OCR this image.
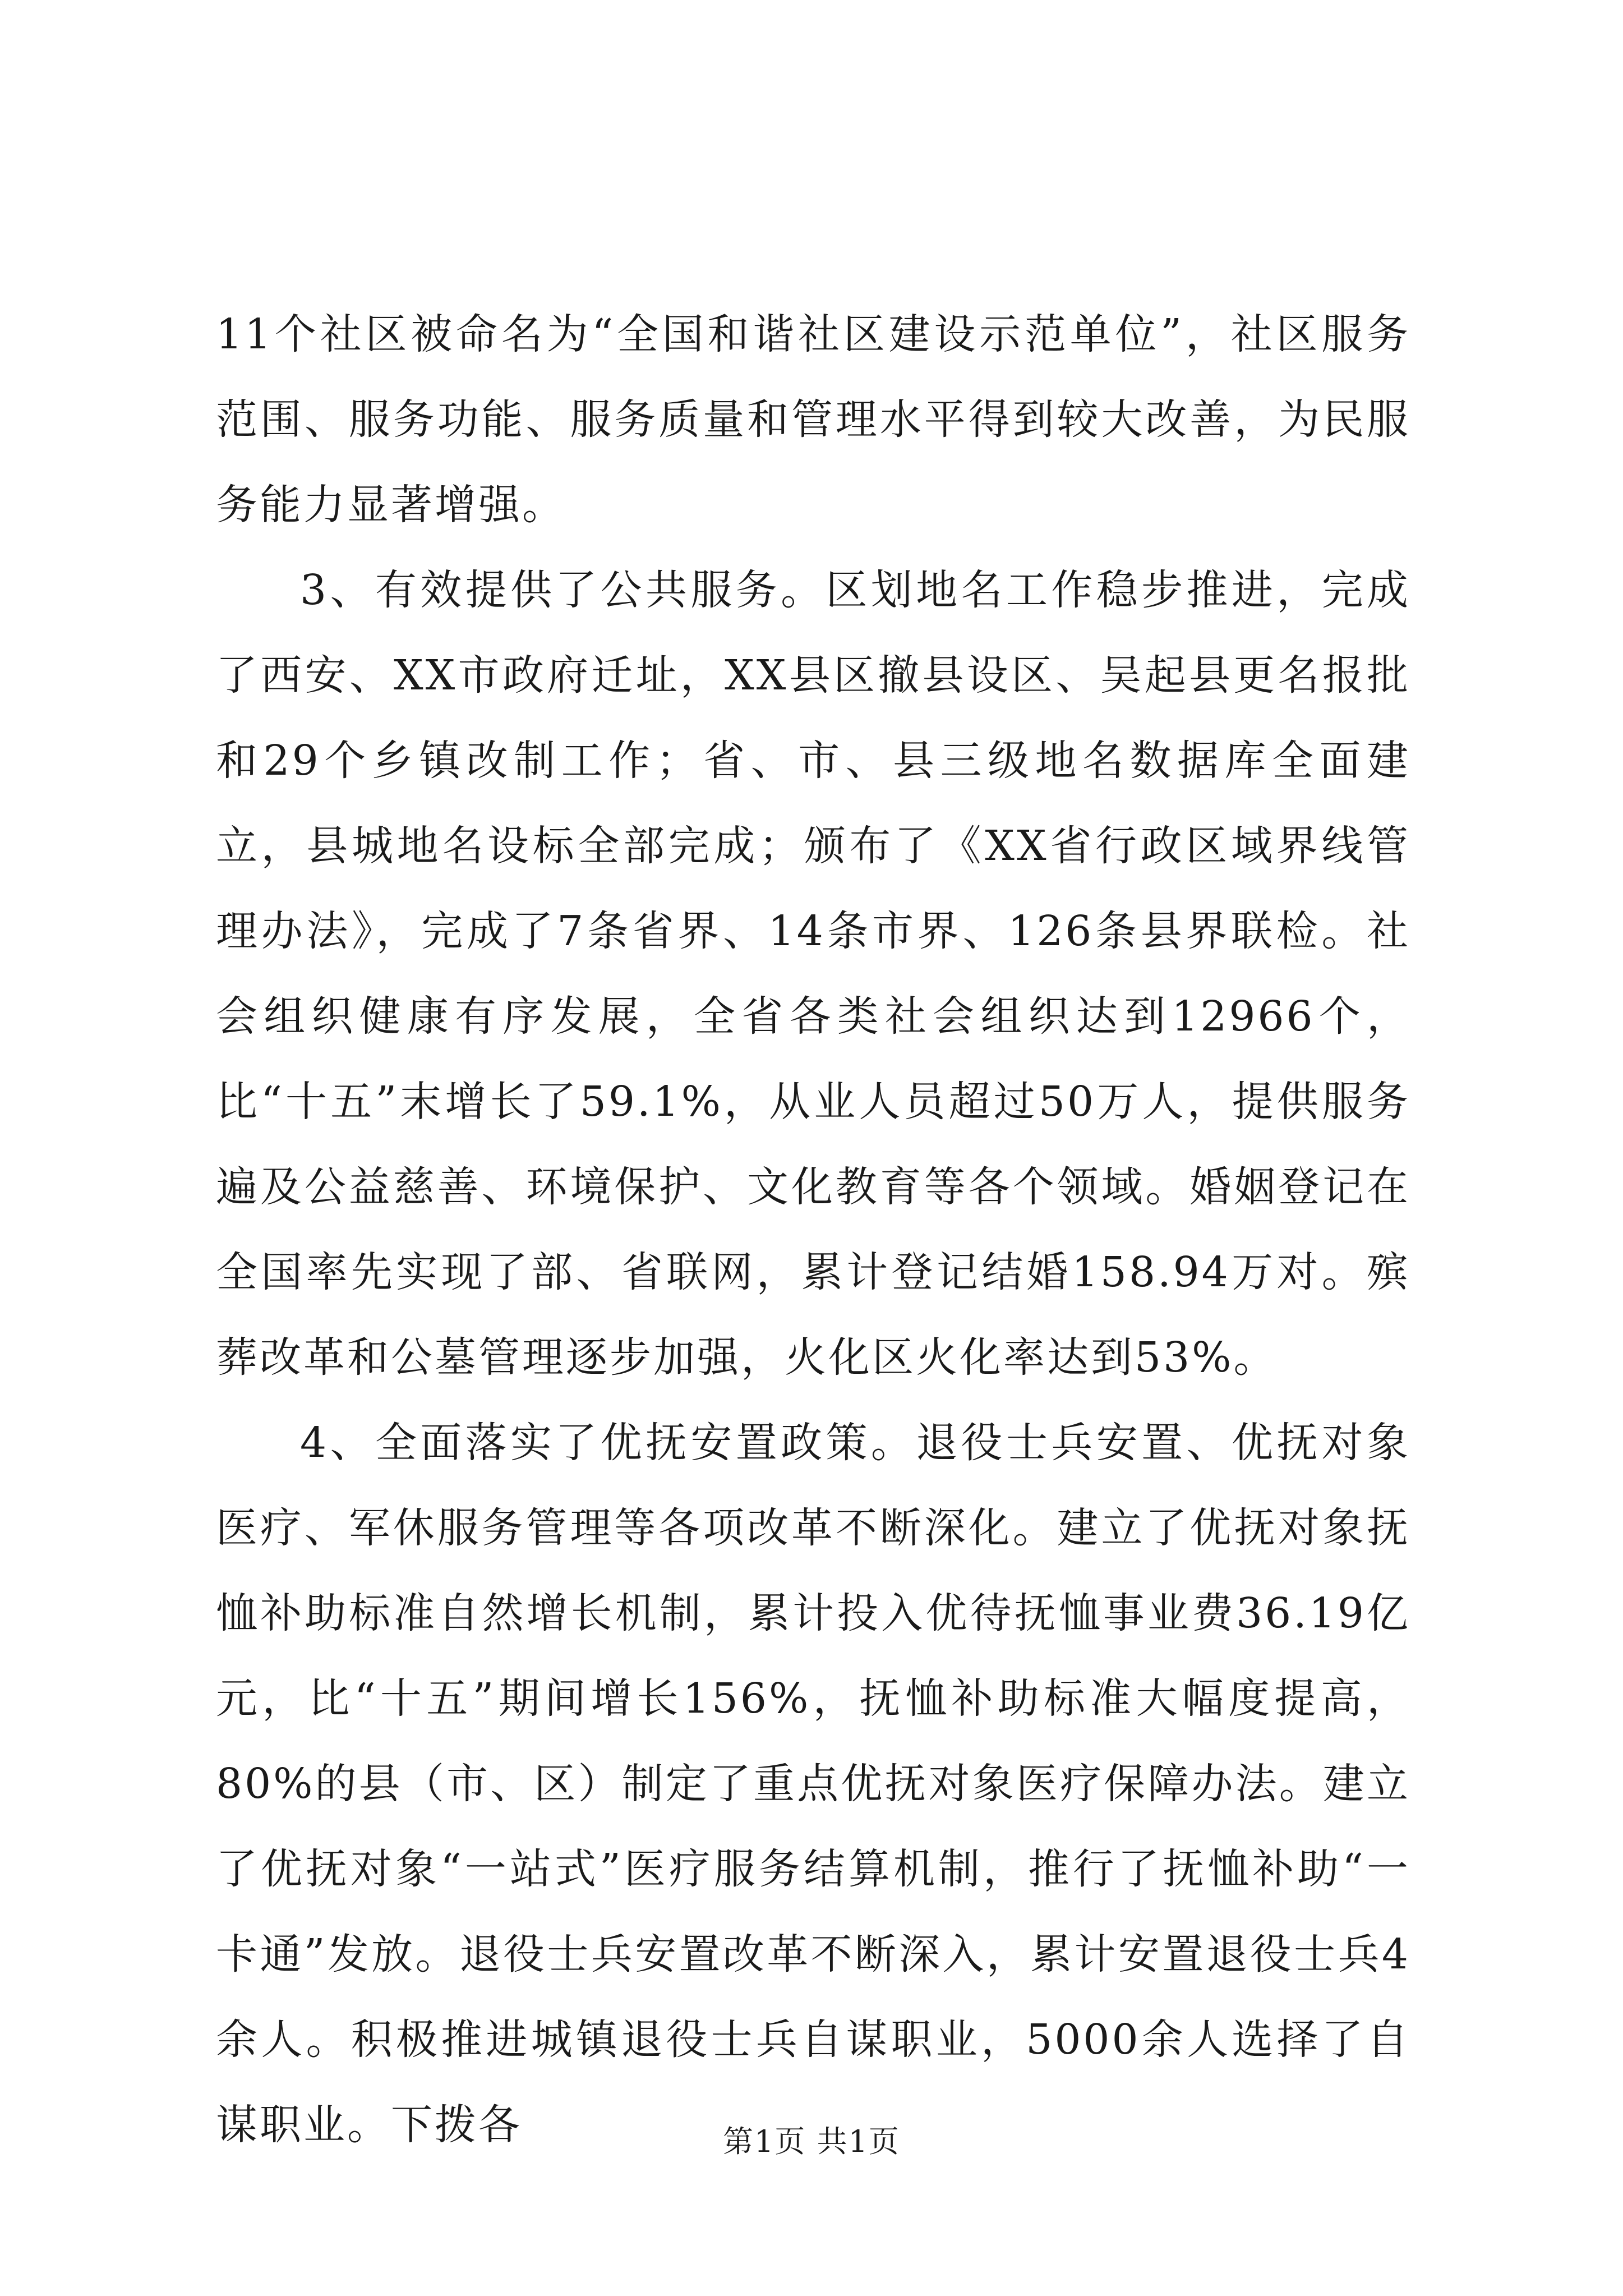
11个社区被命名为“全国和谐社区建设示范单位”，社区服务范围、服务功能、服务质量和管理水平得到较大改善，为民服务能力显著增强。

3、有效提供了公共服务。区划地名工作稳步推进，完成了西安、XX市政府迁址，XX县区撤县设区、吴起县更名报批和29个乡镇改制工作；省、市、县三级地名数据库全面建立，县城地名设标全部完成；颁布了《XX省行政区域界线管理办法》，完成了7条省界、14条市界、126条县界联检。社会组织健康有序发展，全省各类社会组织达到12966个，比“十五”末增长了59.1%，从业人员超过50万人，提供服务遍及公益慈善、环境保护、文化教育等各个领域。婚姻登记在全国率先实现了部、省联网，累计登记结婚158.94万对。殡葬改革和公墓管理逐步加强，火化区火化率达到53%。

4、全面落实了优抚安置政策。退役士兵安置、优抚对象医疗、军休服务管理等各项改革不断深化。建立了优抚对象抚恤补助标准自然增长机制，累计投入优待抚恤事业费36.19亿元，比“十五”期间增长156%，抚恤补助标准大幅度提高，80%的县（市、区）制定了重点优抚对象医疗保障办法。建立了优抚对象“一站式”医疗服务结算机制，推行了抚恤补助“一卡通”发放。退役士兵安置改革不断深入，累计安置退役士兵4余人。积极推进城镇退役士兵自谋职业，5000余人选择了自谋职业。下拨各	第1页 共1页
